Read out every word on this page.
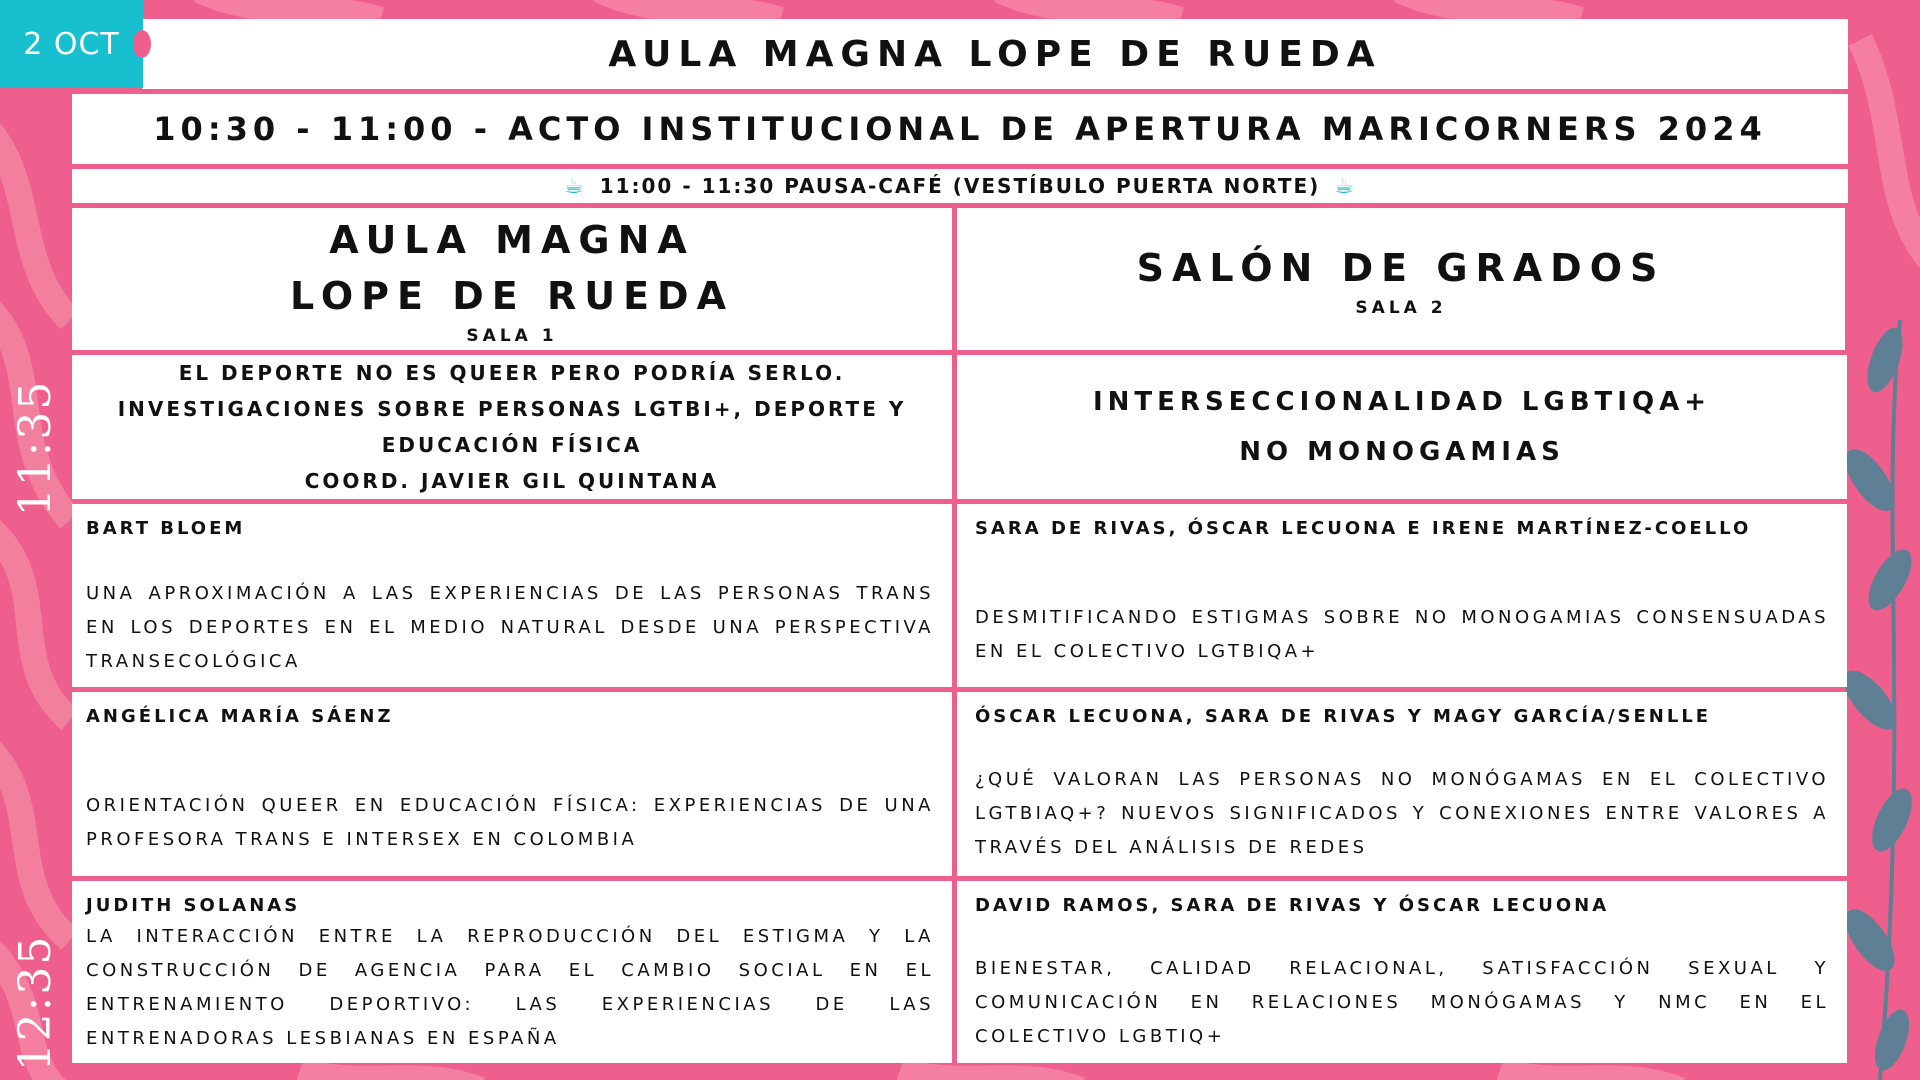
2 OCT
11:35
12:35
AULA MAGNA LOPE DE RUEDA
10:30 - 11:00 - ACTO INSTITUCIONAL DE APERTURA MARICORNERS 2024
☕ 11:00 - 11:30 PAUSA-CAFÉ (VESTÍBULO PUERTA NORTE) ☕
AULA MAGNA
LOPE DE RUEDA
SALA 1
SALÓN DE GRADOS
SALA 2
EL DEPORTE NO ES QUEER PERO PODRÍA SERLO.
INVESTIGACIONES SOBRE PERSONAS LGTBI+, DEPORTE Y
EDUCACIÓN FÍSICA
COORD. JAVIER GIL QUINTANA
INTERSECCIONALIDAD LGBTIQA+
NO MONOGAMIAS
BART BLOEM
UNA APROXIMACIÓN A LAS EXPERIENCIAS DE LAS PERSONAS TRANS EN LOS DEPORTES EN EL MEDIO NATURAL DESDE UNA PERSPECTIVA TRANSECOLÓGICA
ANGÉLICA MARÍA SÁENZ
ORIENTACIÓN QUEER EN EDUCACIÓN FÍSICA: EXPERIENCIAS DE UNA PROFESORA TRANS E INTERSEX EN COLOMBIA
JUDITH SOLANAS
LA INTERACCIÓN ENTRE LA REPRODUCCIÓN DEL ESTIGMA Y LA CONSTRUCCIÓN DE AGENCIA PARA EL CAMBIO SOCIAL EN EL ENTRENAMIENTO DEPORTIVO: LAS EXPERIENCIAS DE LAS ENTRENADORAS LESBIANAS EN ESPAÑA
SARA DE RIVAS, ÓSCAR LECUONA E IRENE MARTÍNEZ-COELLO
DESMITIFICANDO ESTIGMAS SOBRE NO MONOGAMIAS CONSENSUADAS EN EL COLECTIVO LGTBIQA+
ÓSCAR LECUONA, SARA DE RIVAS Y MAGY GARCÍA/SENLLE
¿QUÉ VALORAN LAS PERSONAS NO MONÓGAMAS EN EL COLECTIVO LGTBIAQ+? NUEVOS SIGNIFICADOS Y CONEXIONES ENTRE VALORES A TRAVÉS DEL ANÁLISIS DE REDES
DAVID RAMOS, SARA DE RIVAS Y ÓSCAR LECUONA
BIENESTAR, CALIDAD RELACIONAL, SATISFACCIÓN SEXUAL Y COMUNICACIÓN EN RELACIONES MONÓGAMAS Y NMC EN EL COLECTIVO LGBTIQ+
